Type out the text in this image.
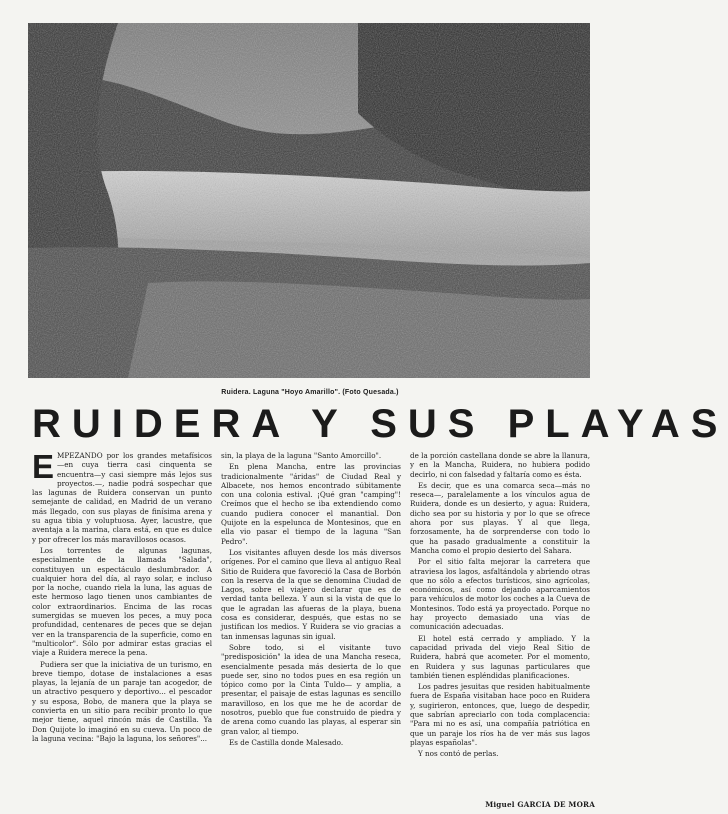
Ruidera. Laguna "Hoyo Amarillo". (Foto Quesada.)
RUIDERA Y SUS PLAYAS

EMPEZANDO por los grandes metafísicos—en cuya tierra casi cinquenta se encuentra—y casi siempre más lejos sus proyectos.—, nadie podrá sospechar que las lagunas de Ruidera conservan un punto semejante de calidad, en Madrid de un verano más llegado, con sus playas de finísima arena y su agua tibia y voluptuosa. Ayer, lacustre, que aventaja a la marina, clara está, en que es dulce y por ofrecer los más maravillosos ocasos.

Los torrentes de algunas lagunas, especialmente de la llamada "Salada", constituyen un espectáculo deslumbrador. A cualquier hora del día, al rayo solar, e incluso por la noche, cuando riela la luna, las aguas de este hermoso lago tienen unos cambiantes de color extraordinarios. Encima de las rocas sumergidas se mueven los peces, a muy poca profundidad, centenares de peces que se dejan ver en la transparencia de la superficie, como en "multicolor". Sólo por admirar estas gracias el viaje a Ruidera merece la pena.

Pudiera ser que la iniciativa de un turismo, en breve tiempo, dotase de instalaciones a esas playas, la lejanía de un paraje tan acogedor, de un atractivo pesquero y deportivo... el pescador y su esposa, Bobo, de manera que la playa se convierta en un sitio para recibir pronto lo que mejor tiene, aquel rincón más de Castilla. Ya Don Quijote lo imaginó en su cueva. Un poco de la laguna vecina: "Bajo la laguna, los señores"...

sin, la playa de la laguna "Santo Amorcillo".

En plena Mancha, entre las provincias tradicionalmente "áridas" de Ciudad Real y Albacete, nos hemos encontrado súbitamente con una colonia estival. ¡Qué gran "camping"! Creímos que el hecho se iba extendiendo como cuando pudiera conocer el manantial. Don Quijote en la espelunca de Montesinos, que en ella vio pasar el tiempo de la laguna "San Pedro".

Los visitantes afluyen desde los más diversos orígenes. Por el camino que lleva al antiguo Real Sitio de Ruidera que favoreció la Casa de Borbón con la reserva de la que se denomina Ciudad de Lagos, sobre el viajero declarar que es de verdad tanta belleza. Y aun si la vista de que lo que le agradan las afueras de la playa, buena cosa es considerar, después, que estas no se justifican los medios. Y Ruidera se vio gracias a tan inmensas lagunas sin igual.

Sobre todo, si el visitante tuvo "predisposición" la idea de una Mancha reseca, esencialmente pesada más desierta de lo que puede ser, sino no todos pues en esa región un tópico como por la Cinta Tuldo— y amplia, a presentar, el paisaje de estas lagunas es sencillo maravilloso, en los que me he de acordar de nosotros, pueblo que fue construido de piedra y de arena como cuando las playas, al esperar sin gran valor, al tiempo.

Es de Castilla donde Malesado.

de la porción castellana donde se abre la llanura, y en la Mancha, Ruidera, no hubiera podido decirlo, ni con falsedad y faltaría como es ésta.

Es decir, que es una comarca seca—más no reseca—, paralelamente a los vínculos agua de Ruidera, donde es un desierto, y agua: Ruidera, dicho sea por su historia y por lo que se ofrece ahora por sus playas. Y al que llega, forzosamente, ha de sorprenderse con todo lo que ha pasado gradualmente a constituir la Mancha como el propio desierto del Sahara.

Por el sitio falta mejorar la carretera que atraviesa los lagos, asfaltándola y abriendo otras que no sólo a efectos turísticos, sino agrícolas, económicos, así como dejando aparcamientos para vehículos de motor los coches a la Cueva de Montesinos. Todo está ya proyectado. Porque no hay proyecto demasiado una vías de comunicación adecuadas.

El hotel está cerrado y ampliado. Y la capacidad privada del viejo Real Sitio de Ruidera, habrá que acometer. Por el momento, en Ruidera y sus lagunas particulares que también tienen espléndidas planificaciones.

Los padres jesuitas que residen habitualmente fuera de España visitaban hace poco en Ruidera y, sugirieron, entonces, que, luego de despedir, que sabrían apreciarlo con toda complacencia: "Para mi no es así, una compañía patriótica en que un paraje los ríos ha de ver más sus lagos playas españolas".

Y nos contó de perlas.

Miguel GARCIA DE MORA
